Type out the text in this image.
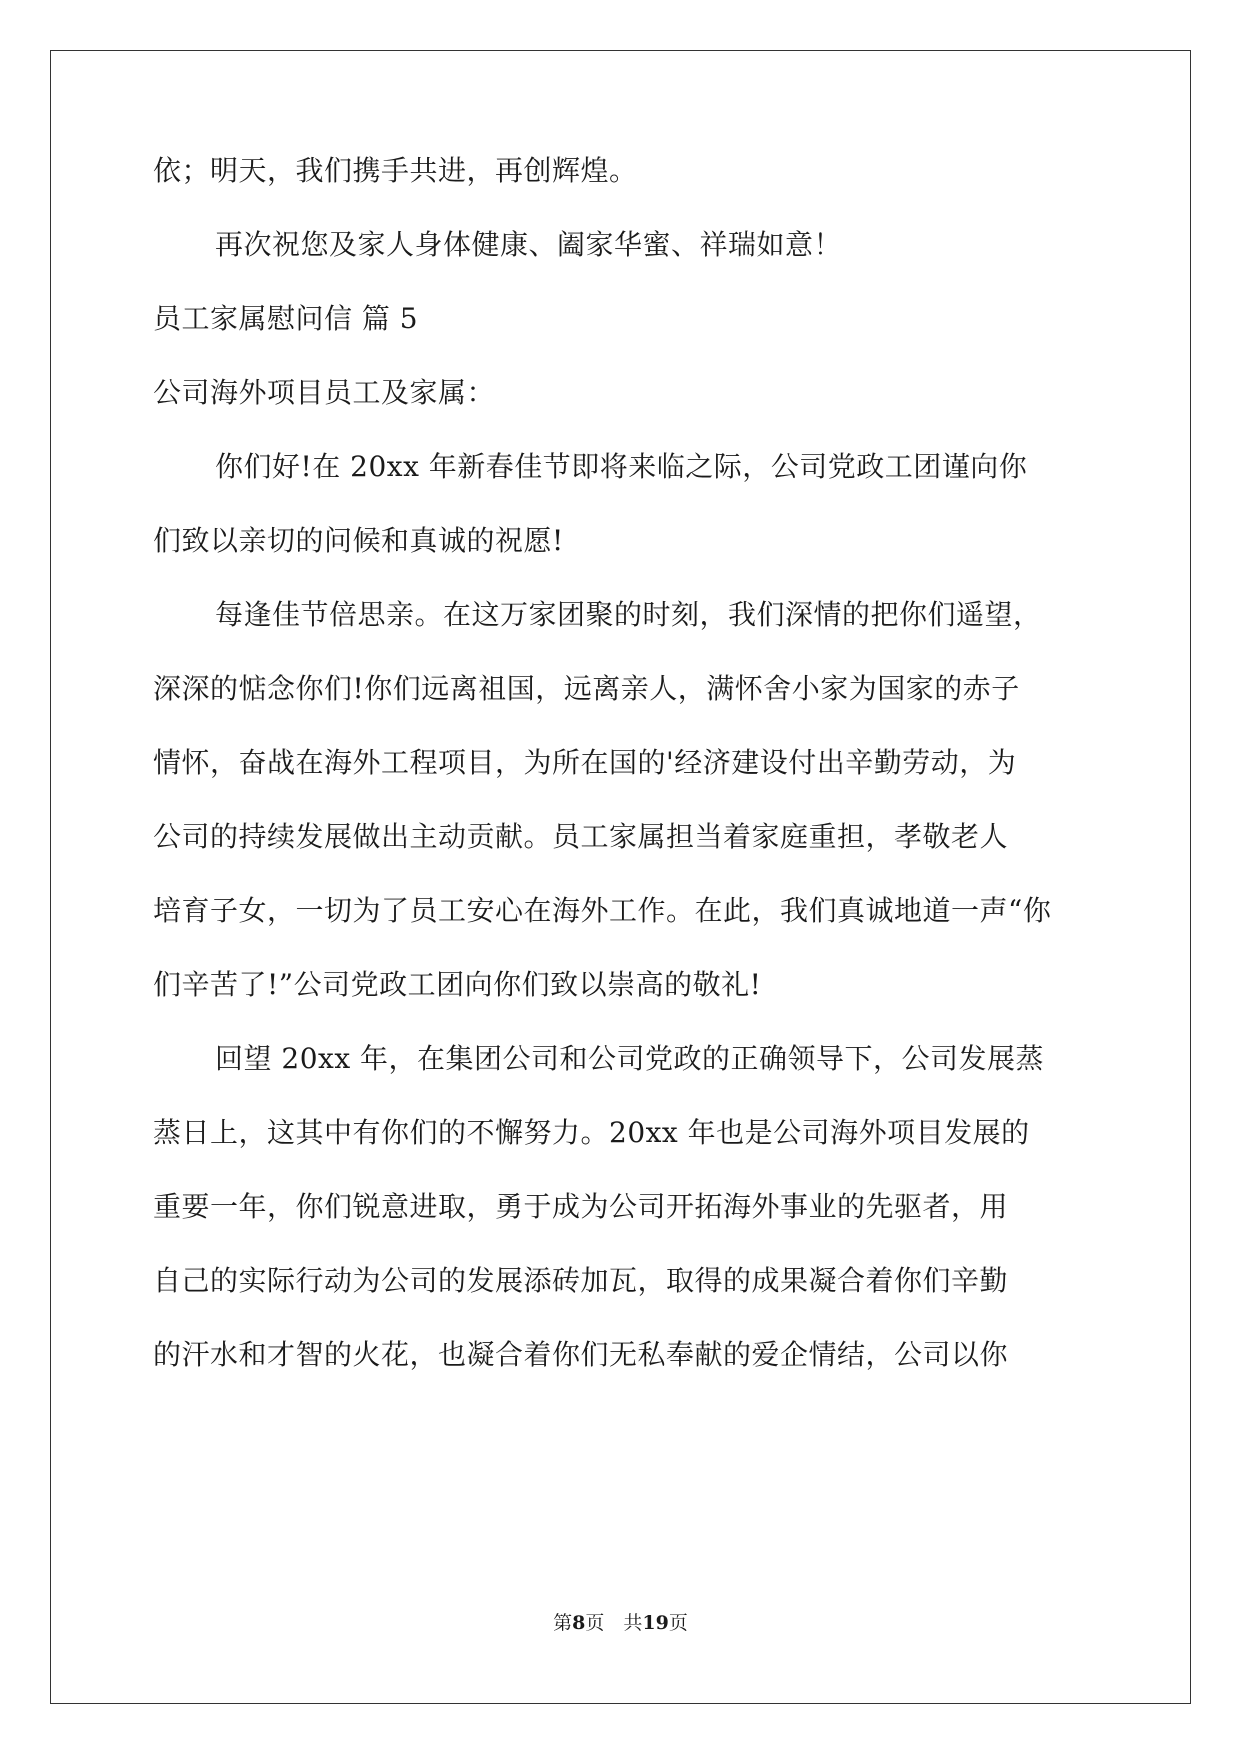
依；明天，我们携手共进，再创辉煌。
再次祝您及家人身体健康、阖家华蜜、祥瑞如意！
员工家属慰问信 篇 5
公司海外项目员工及家属：
你们好!在 20xx 年新春佳节即将来临之际，公司党政工团谨向你
们致以亲切的问候和真诚的祝愿!
每逢佳节倍思亲。在这万家团聚的时刻，我们深情的把你们遥望，
深深的惦念你们!你们远离祖国，远离亲人，满怀舍小家为国家的赤子
情怀，奋战在海外工程项目，为所在国的'经济建设付出辛勤劳动，为
公司的持续发展做出主动贡献。员工家属担当着家庭重担，孝敬老人
培育子女，一切为了员工安心在海外工作。在此，我们真诚地道一声“你
们辛苦了!”公司党政工团向你们致以崇高的敬礼!
回望 20xx 年，在集团公司和公司党政的正确领导下，公司发展蒸
蒸日上，这其中有你们的不懈努力。20xx 年也是公司海外项目发展的
重要一年，你们锐意进取，勇于成为公司开拓海外事业的先驱者，用
自己的实际行动为公司的发展添砖加瓦，取得的成果凝合着你们辛勤
的汗水和才智的火花，也凝合着你们无私奉献的爱企情结，公司以你
第8页　共19页
